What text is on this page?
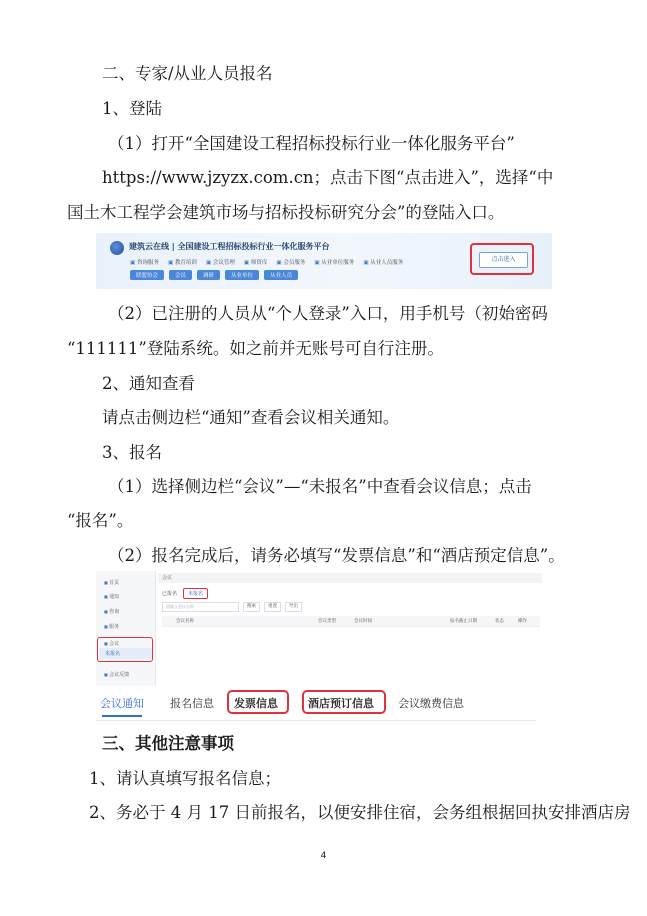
二、专家/从业人员报名
1、登陆
（1）打开“全国建设工程招标投标行业一体化服务平台”
https://www.jzyzx.com.cn；点击下图“点击进入”，选择“中
国土木工程学会建筑市场与招标投标研究分会”的登陆入口。
建筑云在线 | 全国建设工程招标投标行业一体化服务平台
▣ 咨询服务	▣ 教育培训	▣ 会议管理	▣ 师资库	▣ 会员服务	▣ 从业单位服务	▣ 从业人员服务
联盟协会	会员	调研	从业单位	从业人员
点击进入
（2）已注册的人员从“个人登录”入口，用手机号（初始密码
“111111”登陆系统。如之前并无账号可自行注册。
2、通知查看
请点击侧边栏“通知”查看会议相关通知。
3、报名
（1）选择侧边栏“会议”—“未报名”中查看会议信息；点击
“报名”。
（2）报名完成后，请务必填写“发票信息”和“酒店预定信息”。
■ 首页
■ 通知
■ 咨询
■ 服务
■ 会议
未报名
■ 会议反馈
会议
已报名	未报名
请输入会议名称	搜索	重置	导出
会议名称	会议类型	会议时间	报名截止日期	状态	操作
会议通知 报名信息 发票信息	酒店预订信息 会议缴费信息
三、其他注意事项
1、请认真填写报名信息；
2、务必于 4 月 17 日前报名，以便安排住宿，会务组根据回执安排酒店房
4
